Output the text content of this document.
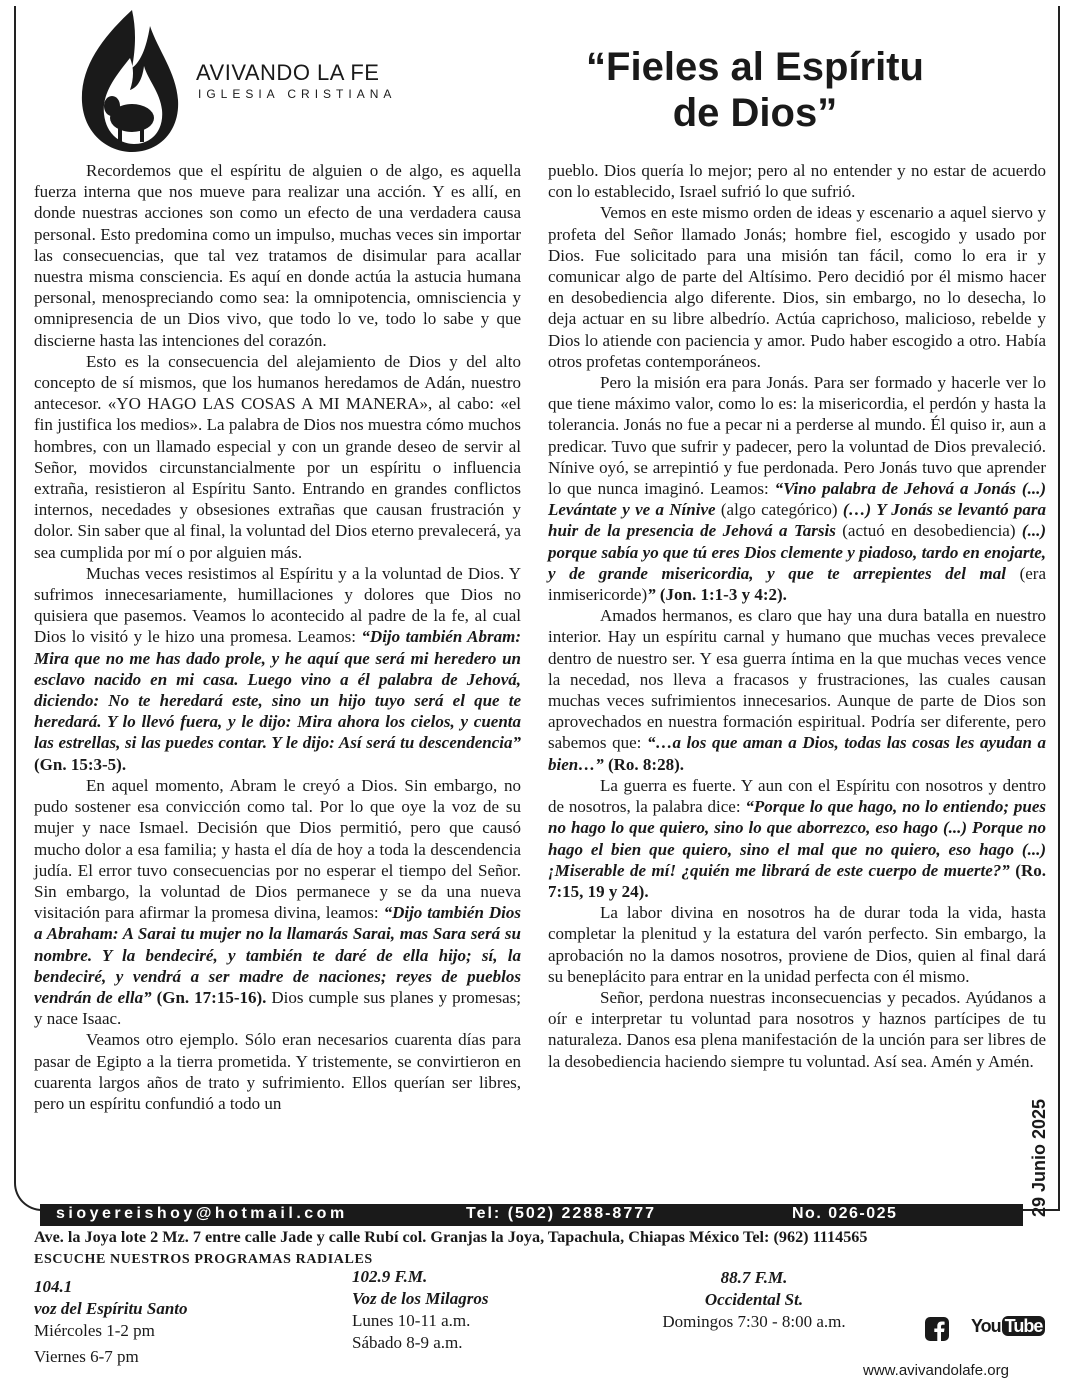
AVIVANDO LA FE
IGLESIA CRISTIANA
“Fieles al Espíritu
de Dios”

Recordemos que el espíritu de alguien o de algo, es aquella fuerza interna que nos mueve para realizar una acción. Y es allí, en donde nuestras acciones son como un efecto de una verdadera causa personal. Esto predomina como un impulso, muchas veces sin importar las consecuencias, que tal vez tratamos de disimular para acallar nuestra misma consciencia. Es aquí en donde actúa la astucia humana personal, menospreciando como sea: la omnipotencia, omnisciencia y omnipresencia de un Dios vivo, que todo lo ve, todo lo sabe y que discierne hasta las intenciones del corazón.

Esto es la consecuencia del alejamiento de Dios y del alto concepto de sí mismos, que los humanos heredamos de Adán, nuestro antecesor. «YO HAGO LAS COSAS A MI MANERA», al cabo: «el fin justifica los medios». La palabra de Dios nos muestra cómo muchos hombres, con un llamado especial y con un grande deseo de servir al Señor, movidos circunstancialmente por un espíritu o influencia extraña, resistieron al Espíritu Santo. Entrando en grandes conflictos internos, necedades y obsesiones extrañas que causan frustración y dolor. Sin saber que al final, la voluntad del Dios eterno prevalecerá, ya sea cumplida por mí o por alguien más.

Muchas veces resistimos al Espíritu y a la voluntad de Dios. Y sufrimos innecesariamente, humillaciones y dolores que Dios no quisiera que pasemos. Veamos lo acontecido al padre de la fe, al cual Dios lo visitó y le hizo una promesa. Leamos: “Dijo también Abram: Mira que no me has dado prole, y he aquí que será mi heredero un esclavo nacido en mi casa. Luego vino a él palabra de Jehová, diciendo: No te heredará este, sino un hijo tuyo será el que te heredará. Y lo llevó fuera, y le dijo: Mira ahora los cielos, y cuenta las estrellas, si las puedes contar. Y le dijo: Así será tu descendencia” (Gn. 15:3-5).

En aquel momento, Abram le creyó a Dios. Sin embargo, no pudo sostener esa convicción como tal. Por lo que oye la voz de su mujer y nace Ismael. Decisión que Dios permitió, pero que causó mucho dolor a esa familia; y hasta el día de hoy a toda la descendencia judía. El error tuvo consecuencias por no esperar el tiempo del Señor. Sin embargo, la voluntad de Dios permanece y se da una nueva visitación para afirmar la promesa divina, leamos: “Dijo también Dios a Abraham: A Sarai tu mujer no la llamarás Sarai, mas Sara será su nombre. Y la bendeciré, y también te daré de ella hijo; sí, la bendeciré, y vendrá a ser madre de naciones; reyes de pueblos vendrán de ella” (Gn. 17:15-16). Dios cumple sus planes y promesas; y nace Isaac.

Veamos otro ejemplo. Sólo eran necesarios cuarenta días para pasar de Egipto a la tierra prometida. Y tristemente, se convirtieron en cuarenta largos años de trato y sufrimiento. Ellos querían ser libres, pero un espíritu confundió a todo un

pueblo. Dios quería lo mejor; pero al no entender y no estar de acuerdo con lo establecido, Israel sufrió lo que sufrió.

Vemos en este mismo orden de ideas y escenario a aquel siervo y profeta del Señor llamado Jonás; hombre fiel, escogido y usado por Dios. Fue solicitado para una misión tan fácil, como lo era ir y comunicar algo de parte del Altísimo. Pero decidió por él mismo hacer en desobediencia algo diferente. Dios, sin embargo, no lo desecha, lo deja actuar en su libre albedrío. Actúa caprichoso, malicioso, rebelde y Dios lo atiende con paciencia y amor. Pudo haber escogido a otro. Había otros profetas contemporáneos.

Pero la misión era para Jonás. Para ser formado y hacerle ver lo que tiene máximo valor, como lo es: la misericordia, el perdón y hasta la tolerancia. Jonás no fue a pecar ni a perderse al mundo. Él quiso ir, aun a predicar. Tuvo que sufrir y padecer, pero la voluntad de Dios prevaleció. Nínive oyó, se arrepintió y fue perdonada. Pero Jonás tuvo que aprender lo que nunca imaginó. Leamos: “Vino palabra de Jehová a Jonás (...) Levántate y ve a Nínive (algo categórico) (…) Y Jonás se levantó para huir de la presencia de Jehová a Tarsis (actuó en desobediencia) (...) porque sabía yo que tú eres Dios clemente y piadoso, tardo en enojarte, y de grande misericordia, y que te arrepientes del mal (era inmisericorde)” (Jon. 1:1-3 y 4:2).

Amados hermanos, es claro que hay una dura batalla en nuestro interior. Hay un espíritu carnal y humano que muchas veces prevalece dentro de nuestro ser. Y esa guerra íntima en la que muchas veces vence la necedad, nos lleva a fracasos y frustraciones, las cuales causan muchas veces sufrimientos innecesarios. Aunque de parte de Dios son aprovechados en nuestra formación espiritual. Podría ser diferente, pero sabemos que: “…a los que aman a Dios, todas las cosas les ayudan a bien…” (Ro. 8:28).

La guerra es fuerte. Y aun con el Espíritu con nosotros y dentro de nosotros, la palabra dice: “Porque lo que hago, no lo entiendo; pues no hago lo que quiero, sino lo que aborrezco, eso hago (...) Porque no hago el bien que quiero, sino el mal que no quiero, eso hago (...) ¡Miserable de mí! ¿quién me librará de este cuerpo de muerte?” (Ro. 7:15, 19 y 24).

La labor divina en nosotros ha de durar toda la vida, hasta completar la plenitud y la estatura del varón perfecto. Sin embargo, la aprobación no la damos nosotros, proviene de Dios, quien al final dará su beneplácito para entrar en la unidad perfecta con él mismo.

Señor, perdona nuestras inconsecuencias y pecados. Ayúdanos a oír e interpretar tu voluntad para nosotros y haznos partícipes de tu naturaleza. Danos esa plena manifestación de la unción para ser libres de la desobediencia haciendo siempre tu voluntad. Así sea. Amén y Amén.

29 Junio 2025
sioyereishoy@hotmail.com	Tel: (502) 2288-8777	No. 026-025
Ave. la Joya lote 2 Mz. 7 entre calle Jade y calle Rubí col. Granjas la Joya, Tapachula, Chiapas México Tel: (962) 1114565
ESCUCHE NUESTROS PROGRAMAS RADIALES
104.1
voz del Espíritu Santo
Miércoles 1-2 pm
Viernes 6-7 pm
102.9 F.M.
Voz de los Milagros
Lunes 10-11 a.m.
Sábado 8-9 a.m.
88.7 F.M.
Occidental St.
Domingos 7:30 - 8:00 a.m.	You Tube
www.avivandolafe.org
